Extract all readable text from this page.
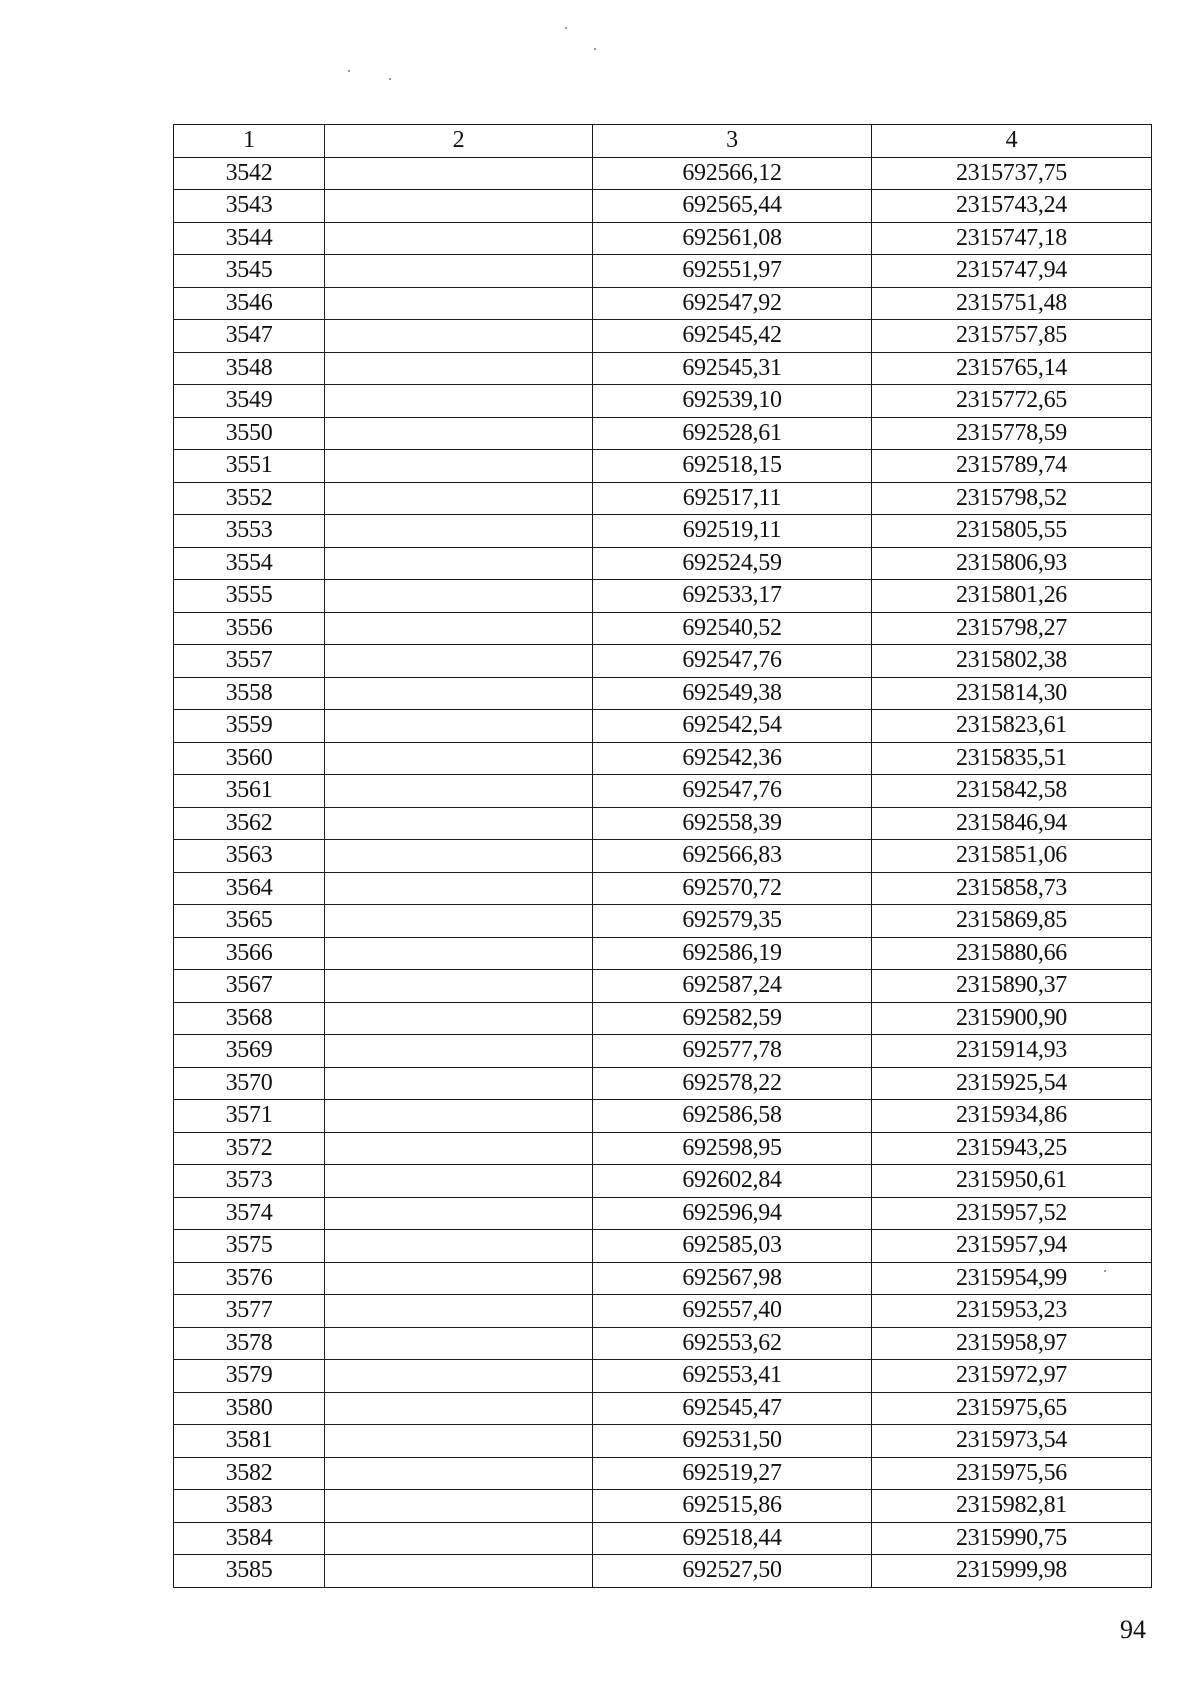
1	2	3	4
3542		692566,12	2315737,75
3543		692565,44	2315743,24
3544		692561,08	2315747,18
3545		692551,97	2315747,94
3546		692547,92	2315751,48
3547		692545,42	2315757,85
3548		692545,31	2315765,14
3549		692539,10	2315772,65
3550		692528,61	2315778,59
3551		692518,15	2315789,74
3552		692517,11	2315798,52
3553		692519,11	2315805,55
3554		692524,59	2315806,93
3555		692533,17	2315801,26
3556		692540,52	2315798,27
3557		692547,76	2315802,38
3558		692549,38	2315814,30
3559		692542,54	2315823,61
3560		692542,36	2315835,51
3561		692547,76	2315842,58
3562		692558,39	2315846,94
3563		692566,83	2315851,06
3564		692570,72	2315858,73
3565		692579,35	2315869,85
3566		692586,19	2315880,66
3567		692587,24	2315890,37
3568		692582,59	2315900,90
3569		692577,78	2315914,93
3570		692578,22	2315925,54
3571		692586,58	2315934,86
3572		692598,95	2315943,25
3573		692602,84	2315950,61
3574		692596,94	2315957,52
3575		692585,03	2315957,94
3576		692567,98	2315954,99
3577		692557,40	2315953,23
3578		692553,62	2315958,97
3579		692553,41	2315972,97
3580		692545,47	2315975,65
3581		692531,50	2315973,54
3582		692519,27	2315975,56
3583		692515,86	2315982,81
3584		692518,44	2315990,75
3585		692527,50	2315999,98
94
